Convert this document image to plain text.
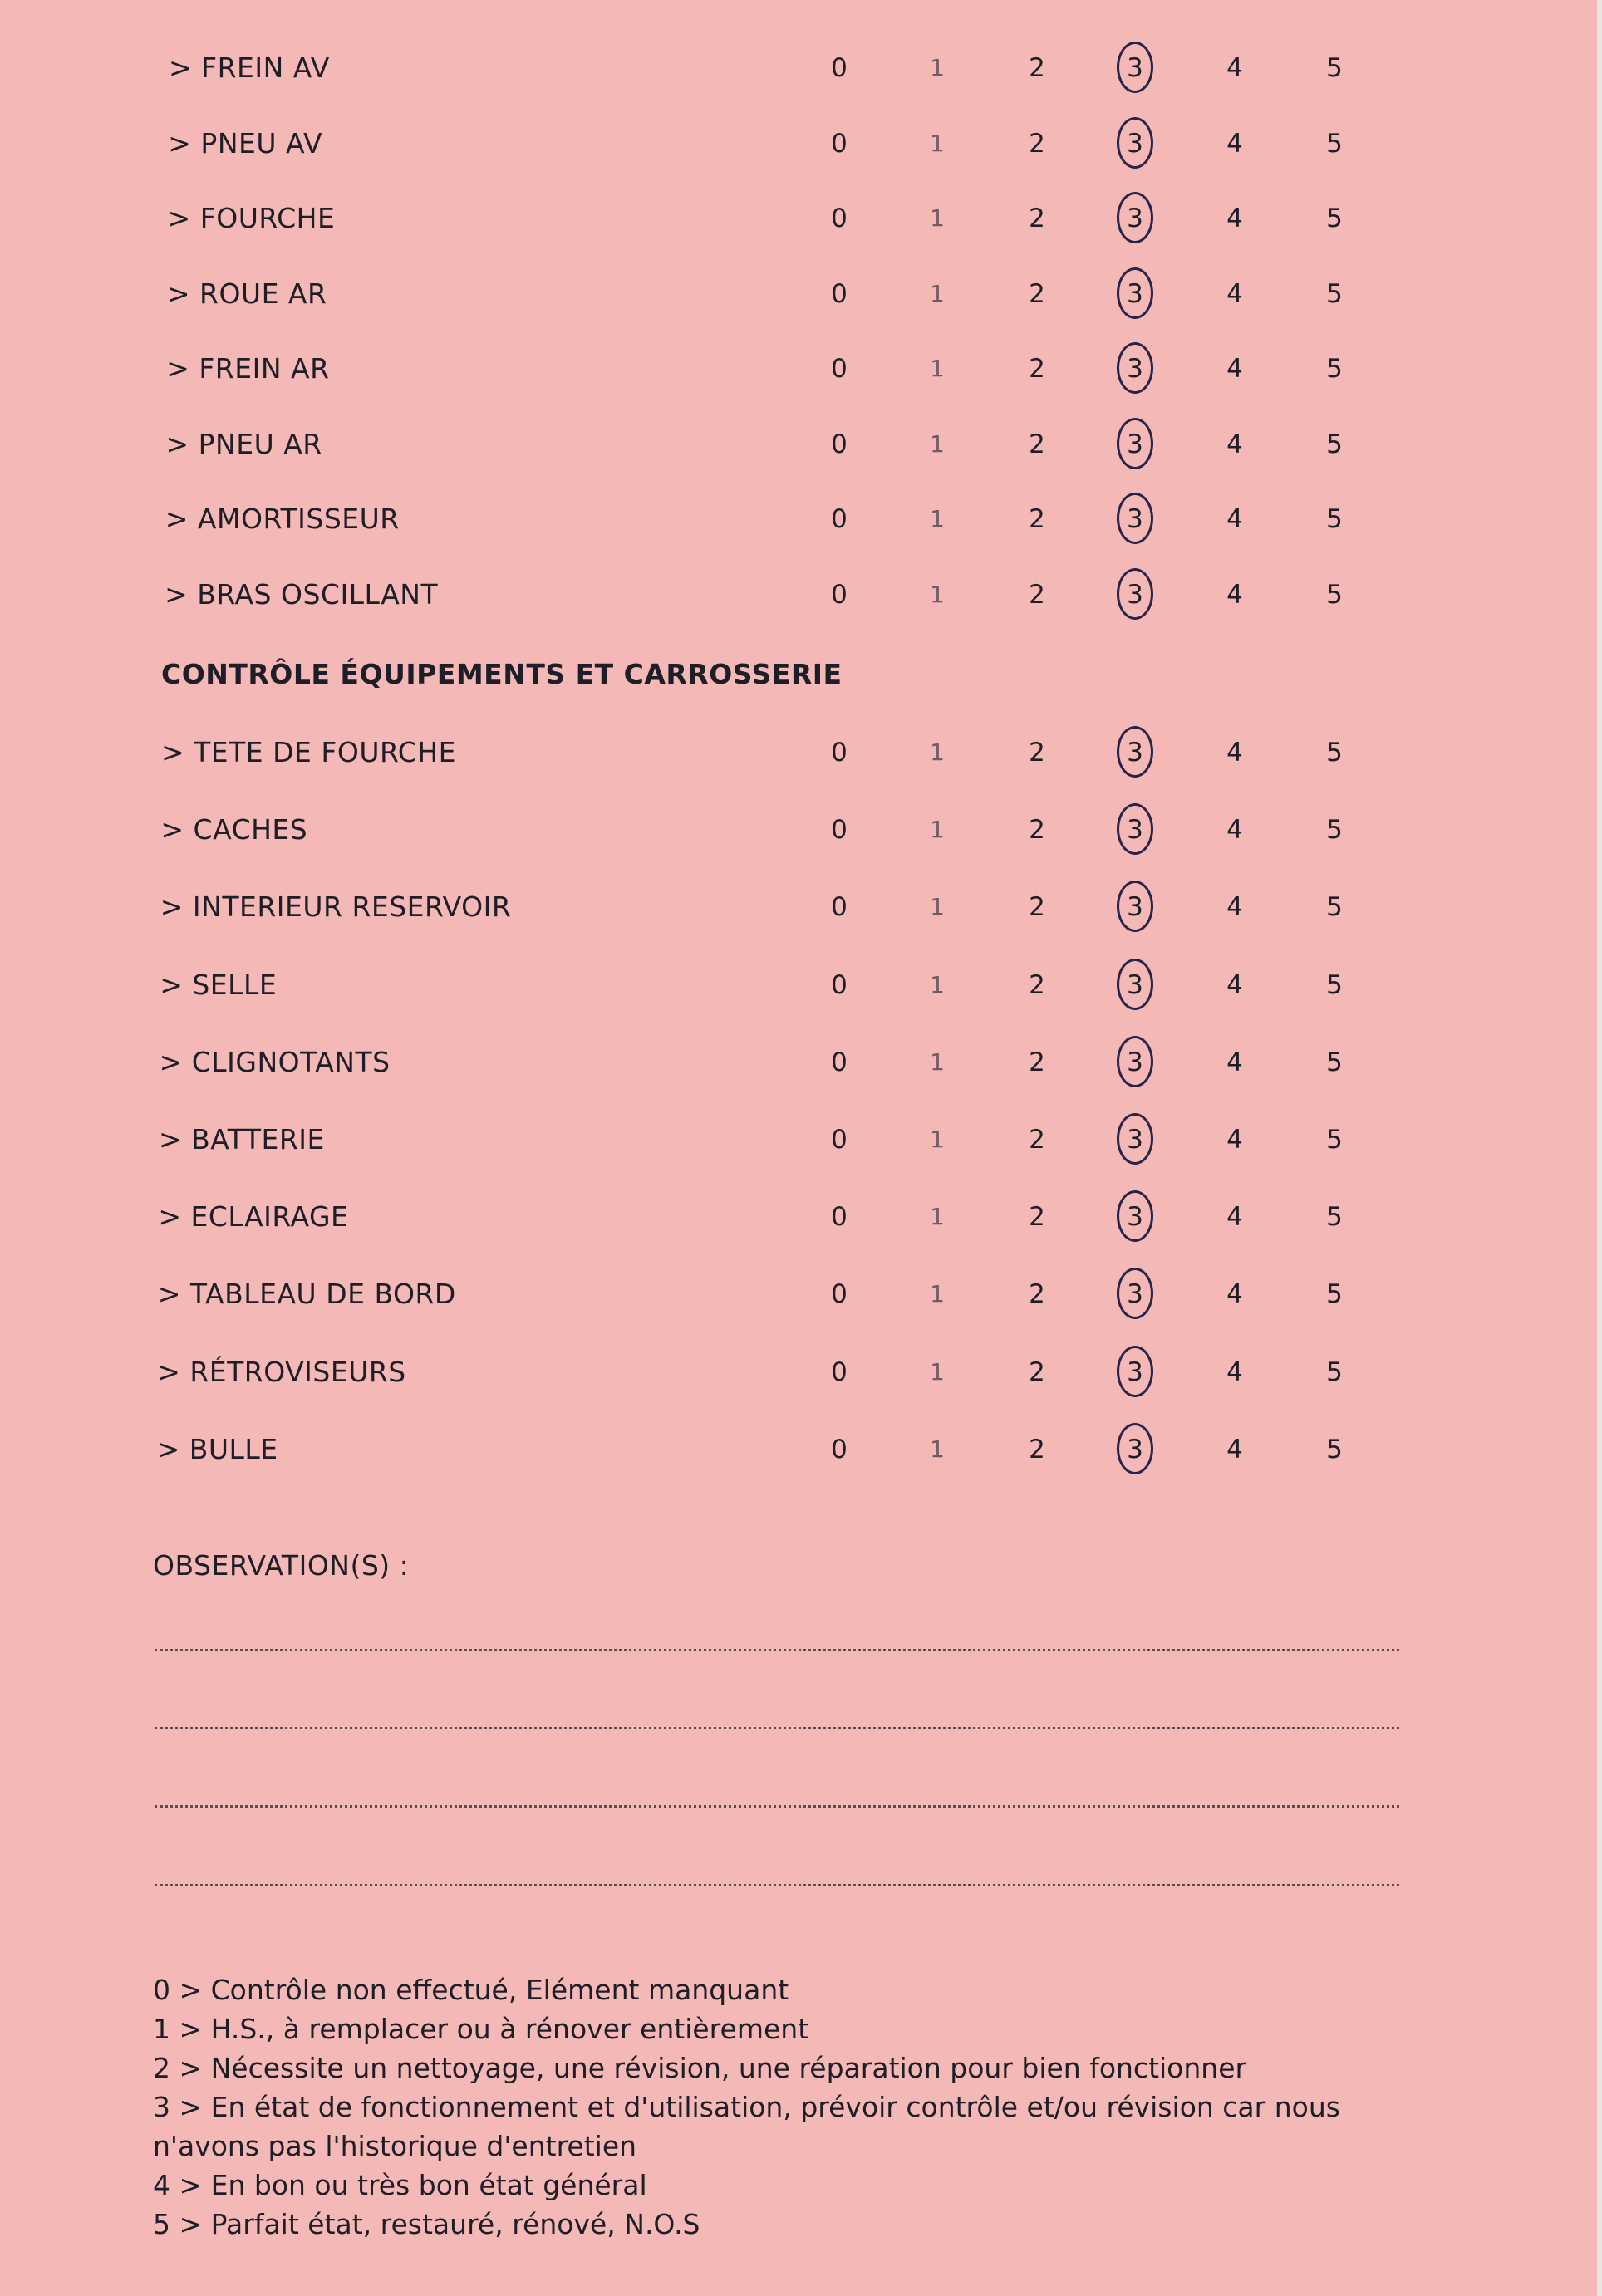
> FREIN AV	0	1	2	3	4	5
> PNEU AV	0	1	2	3	4	5
> FOURCHE	0	1	2	3	4	5
> ROUE AR	0	1	2	3	4	5
> FREIN AR	0	1	2	3	4	5
> PNEU AR	0	1	2	3	4	5
> AMORTISSEUR	0	1	2	3	4	5
> BRAS OSCILLANT	0	1	2	3	4	5
CONTRÔLE ÉQUIPEMENTS ET CARROSSERIE
> TETE DE FOURCHE	0	1	2	3	4	5
> CACHES	0	1	2	3	4	5
> INTERIEUR RESERVOIR	0	1	2	3	4	5
> SELLE	0	1	2	3	4	5
> CLIGNOTANTS	0	1	2	3	4	5
> BATTERIE	0	1	2	3	4	5
> ECLAIRAGE	0	1	2	3	4	5
> TABLEAU DE BORD	0	1	2	3	4	5
> RÉTROVISEURS	0	1	2	3	4	5
> BULLE	0	1	2	3	4	5
OBSERVATION(S) :
0 > Contrôle non effectué, Elément manquant
1 > H.S., à remplacer ou à rénover entièrement
2 > Nécessite un nettoyage, une révision, une réparation pour bien fonctionner
3 > En état de fonctionnement et d'utilisation, prévoir contrôle et/ou révision car nous
n'avons pas l'historique d'entretien
4 > En bon ou très bon état général
5 > Parfait état, restauré, rénové, N.O.S
